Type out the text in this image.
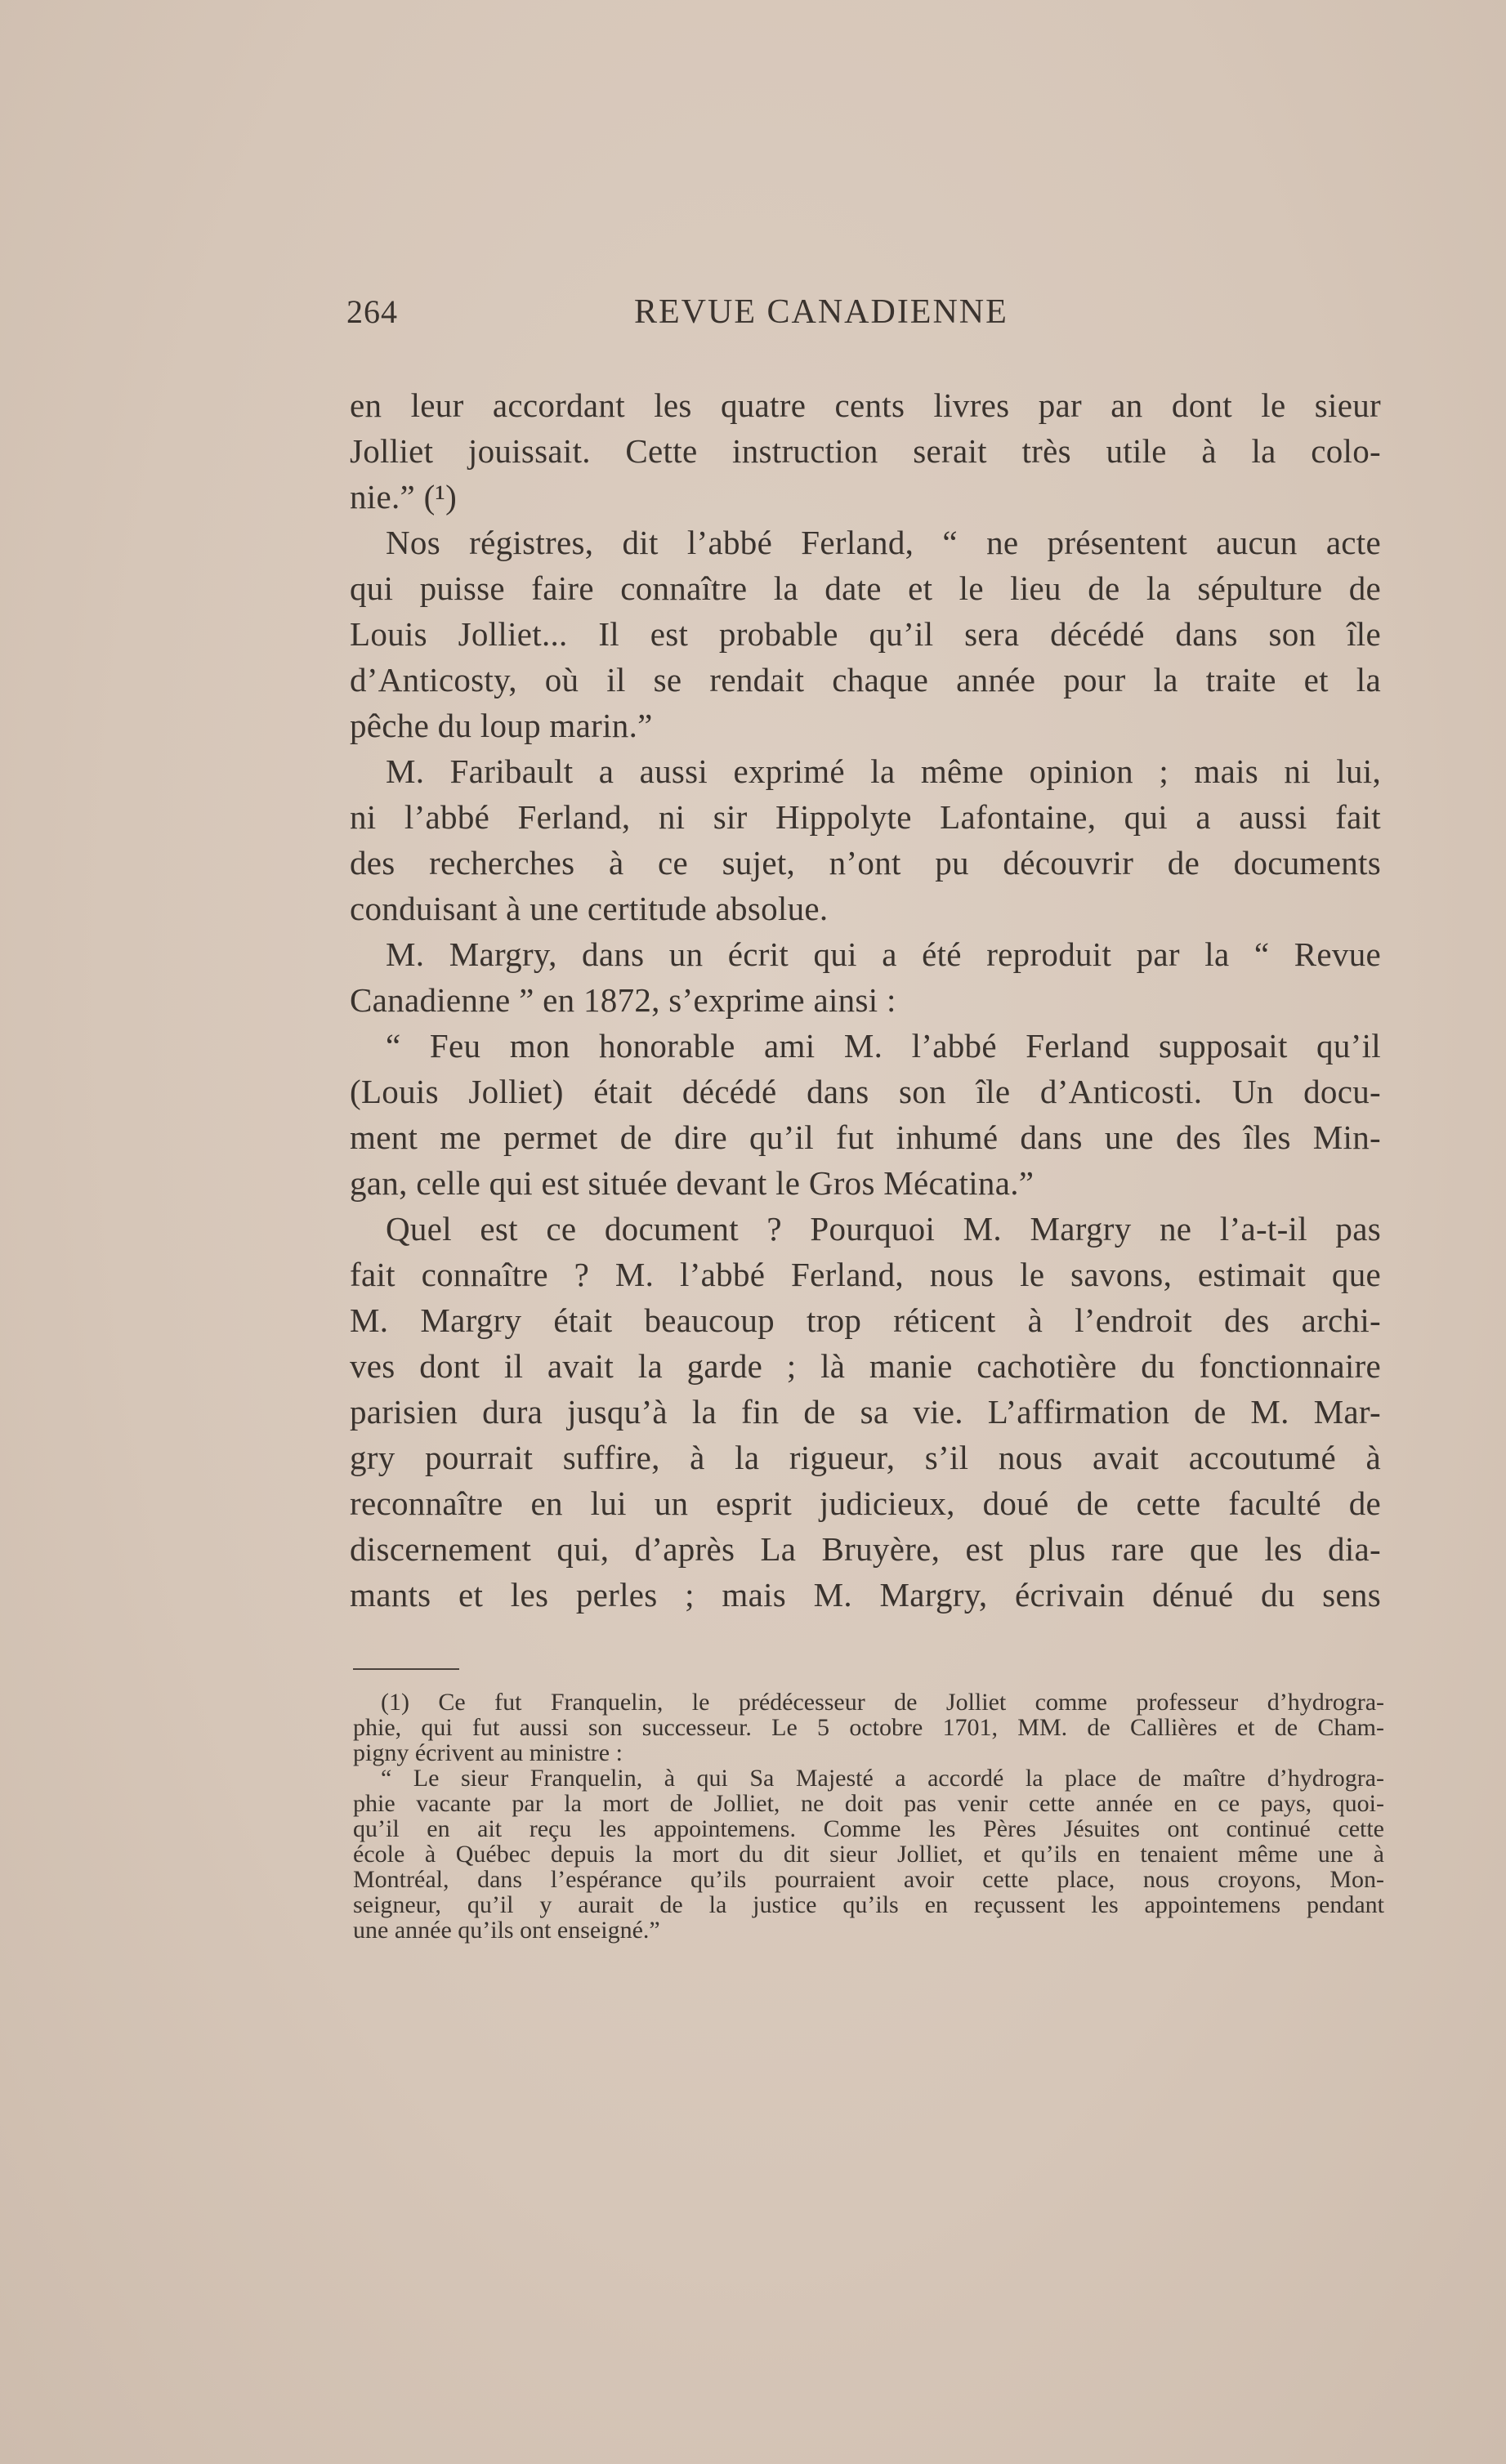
264	REVUE CANADIENNE
en leur accordant les quatre cents livres par an dont le sieur
Jolliet jouissait. Cette instruction serait très utile à la colo-
nie.” (¹)
Nos régistres, dit l’abbé Ferland, “ ne présentent aucun acte
qui puisse faire connaître la date et le lieu de la sépulture de
Louis Jolliet... Il est probable qu’il sera décédé dans son île
d’Anticosty, où il se rendait chaque année pour la traite et la
pêche du loup marin.”
M. Faribault a aussi exprimé la même opinion ; mais ni lui,
ni l’abbé Ferland, ni sir Hippolyte Lafontaine, qui a aussi fait
des recherches à ce sujet, n’ont pu découvrir de documents
conduisant à une certitude absolue.
M. Margry, dans un écrit qui a été reproduit par la “ Revue
Canadienne ” en 1872, s’exprime ainsi :
“ Feu mon honorable ami M. l’abbé Ferland supposait qu’il
(Louis Jolliet) était décédé dans son île d’Anticosti. Un docu-
ment me permet de dire qu’il fut inhumé dans une des îles Min-
gan, celle qui est située devant le Gros Mécatina.”
Quel est ce document ? Pourquoi M. Margry ne l’a-t-il pas
fait connaître ? M. l’abbé Ferland, nous le savons, estimait que
M. Margry était beaucoup trop réticent à l’endroit des archi-
ves dont il avait la garde ; là manie cachotière du fonctionnaire
parisien dura jusqu’à la fin de sa vie. L’affirmation de M. Mar-
gry pourrait suffire, à la rigueur, s’il nous avait accoutumé à
reconnaître en lui un esprit judicieux, doué de cette faculté de
discernement qui, d’après La Bruyère, est plus rare que les dia-
mants et les perles ; mais M. Margry, écrivain dénué du sens
(1) Ce fut Franquelin, le prédécesseur de Jolliet comme professeur d’hydrogra-
phie, qui fut aussi son successeur. Le 5 octobre 1701, MM. de Callières et de Cham-
pigny écrivent au ministre :
“ Le sieur Franquelin, à qui Sa Majesté a accordé la place de maître d’hydrogra-
phie vacante par la mort de Jolliet, ne doit pas venir cette année en ce pays, quoi-
qu’il en ait reçu les appointemens. Comme les Pères Jésuites ont continué cette
école à Québec depuis la mort du dit sieur Jolliet, et qu’ils en tenaient même une à
Montréal, dans l’espérance qu’ils pourraient avoir cette place, nous croyons, Mon-
seigneur, qu’il y aurait de la justice qu’ils en reçussent les appointemens pendant
une année qu’ils ont enseigné.”
